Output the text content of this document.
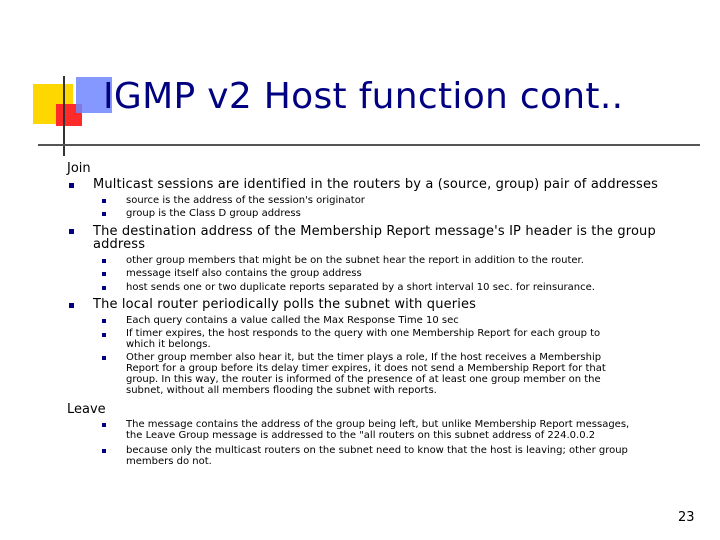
IGMP v2 Host function cont..
Join
Multicast sessions are identified in the routers by a (source, group) pair of addresses
source is the address of the session's originator
group is the Class D group address
The destination address of the Membership Report message's IP header is the group
address
other group members that might be on the subnet hear the report in addition to the router.
message itself also contains the group address
host sends one or two duplicate reports separated by a short interval 10 sec. for reinsurance.
The local router periodically polls the subnet with queries
Each query contains a value called the Max Response Time 10 sec
If timer expires, the host responds to the query with one Membership Report for each group to
which it belongs.
Other group member also hear it, but the timer plays a role, If the host receives a Membership
Report for a group before its delay timer expires, it does not send a Membership Report for that
group. In this way, the router is informed of the presence of at least one group member on the
subnet, without all members flooding the subnet with reports.
Leave
The message contains the address of the group being left, but unlike Membership Report messages,
the Leave Group message is addressed to the "all routers on this subnet address of 224.0.0.2
because only the multicast routers on the subnet need to know that the host is leaving; other group
members do not.
23
